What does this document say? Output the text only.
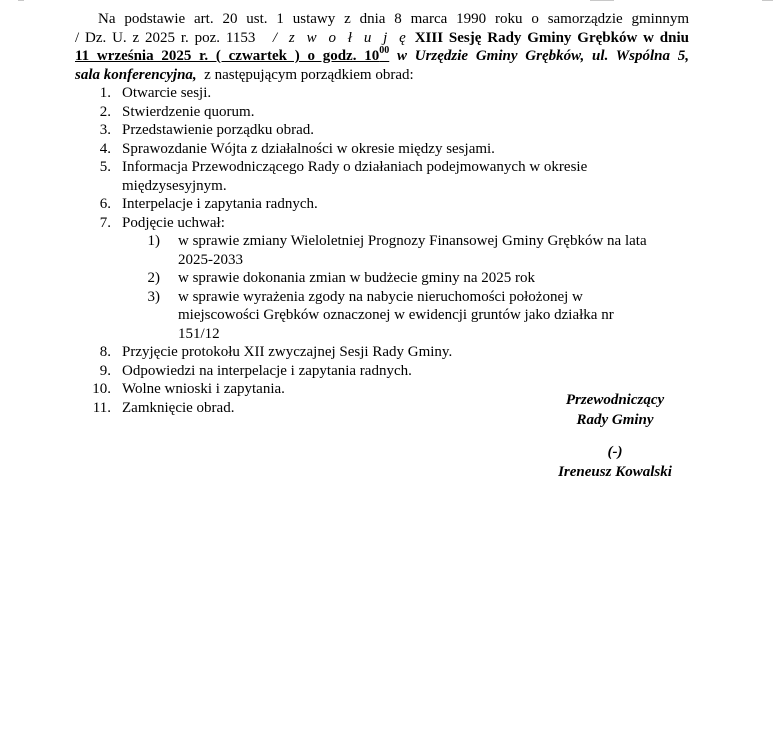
Na podstawie art. 20 ust. 1 ustawy z dnia 8 marca 1990 roku o samorządzie gminnym

/ Dz. U. z 2025 r. poz. 1153 / z w o ł u j ę XIII Sesję Rady Gminy Grębków w dniu

11 września 2025 r. ( czwartek ) o godz. $10^{00}$ w Urzędzie Gminy Grębków, ul. Wspólna 5,

sala konferencyjna, z następującym porządkiem obrad:

1. Otwarcie sesji.
2. Stwierdzenie quorum.
3. Przedstawienie porządku obrad.
4. Sprawozdanie Wójta z działalności w okresie między sesjami.
5. Informacja Przewodniczącego Rady o działaniach podejmowanych w okresie międzysesyjnym.
6. Interpelacje i zapytania radnych.
7. Podjęcie uchwał:
1) w sprawie zmiany Wieloletniej Prognozy Finansowej Gminy Grębków na lata 2025-2033
2) w sprawie dokonania zmian w budżecie gminy na 2025 rok
3) w sprawie wyrażenia zgody na nabycie nieruchomości położonej w miejscowości Grębków oznaczonej w ewidencji gruntów jako działka nr 151/12
8. Przyjęcie protokołu XII zwyczajnej Sesji Rady Gminy.
9. Odpowiedzi na interpelacje i zapytania radnych.
10. Wolne wnioski i zapytania.
11. Zamknięcie obrad.	Przewodniczący
Rady Gminy
(-)
Ireneusz Kowalski
